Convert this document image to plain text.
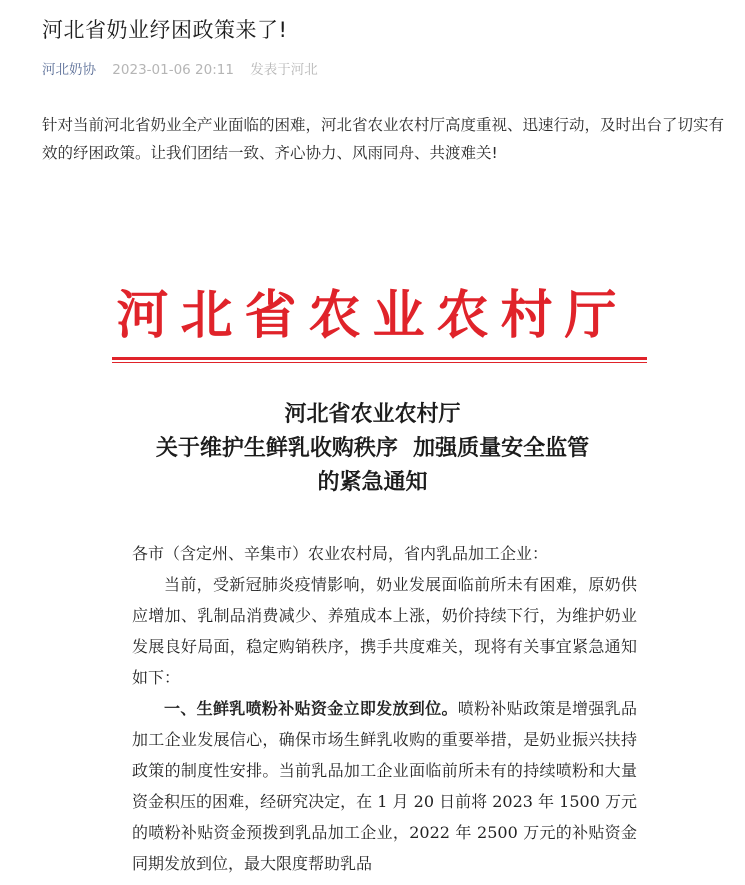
河北省奶业纾困政策来了!
河北奶协 2023-01-06 20:11 发表于河北
针对当前河北省奶业全产业面临的困难，河北省农业农村厅高度重视、迅速行动，及时出台了切实有效的纾困政策。让我们团结一致、齐心协力、风雨同舟、共渡难关!
河北省农业农村厅
河北省农业农村厅
关于维护生鲜乳收购秩序  加强质量安全监管
的紧急通知

各市（含定州、辛集市）农业农村局，省内乳品加工企业：

当前，受新冠肺炎疫情影响，奶业发展面临前所未有困难，原奶供应增加、乳制品消费减少、养殖成本上涨，奶价持续下行，为维护奶业发展良好局面，稳定购销秩序，携手共度难关，现将有关事宜紧急通知如下：

一、生鲜乳喷粉补贴资金立即发放到位。喷粉补贴政策是增强乳品加工企业发展信心，确保市场生鲜乳收购的重要举措，是奶业振兴扶持政策的制度性安排。当前乳品加工企业面临前所未有的持续喷粉和大量资金积压的困难，经研究决定，在 1 月 20 日前将 2023 年 1500 万元的喷粉补贴资金预拨到乳品加工企业，2022 年 2500 万元的补贴资金同期发放到位，最大限度帮助乳品
